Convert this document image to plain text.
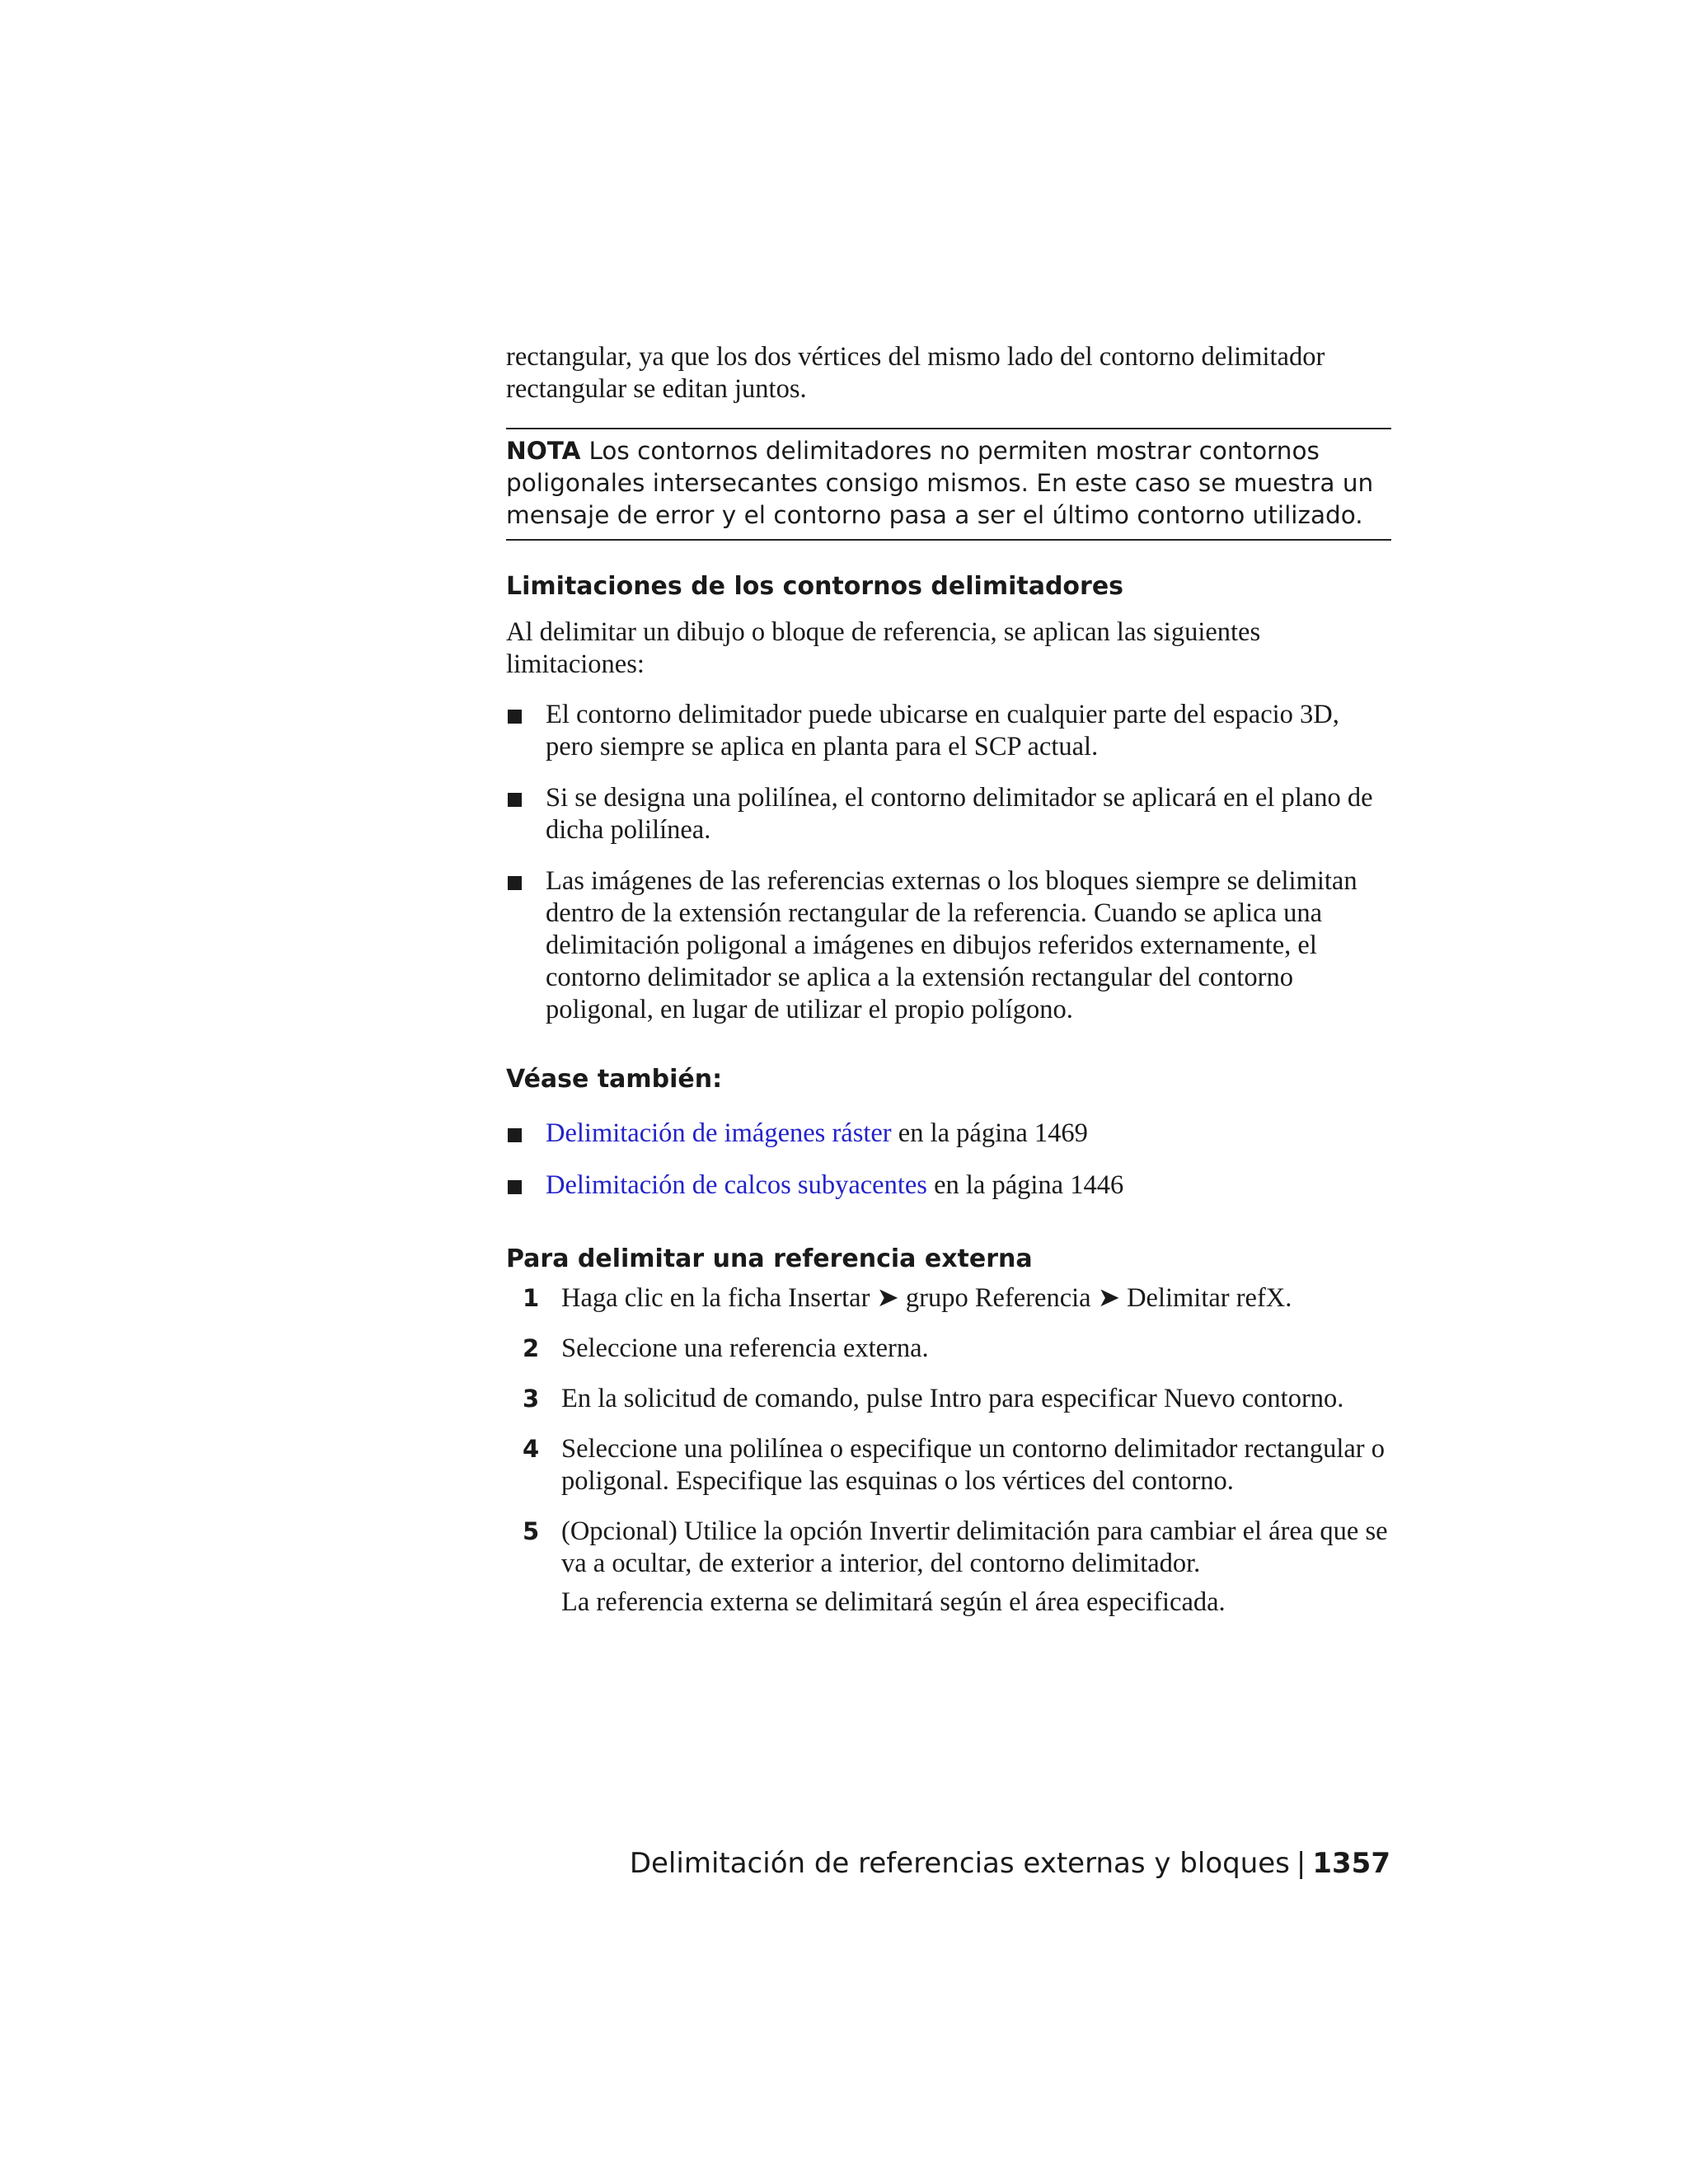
rectangular, ya que los dos vértices del mismo lado del contorno delimitador rectangular se editan juntos.

NOTA Los contornos delimitadores no permiten mostrar contornos poligonales intersecantes consigo mismos. En este caso se muestra un mensaje de error y el contorno pasa a ser el último contorno utilizado.
Limitaciones de los contornos delimitadores

Al delimitar un dibujo o bloque de referencia, se aplican las siguientes limitaciones:

El contorno delimitador puede ubicarse en cualquier parte del espacio 3D, pero siempre se aplica en planta para el SCP actual.
Si se designa una polilínea, el contorno delimitador se aplicará en el plano de dicha polilínea.
Las imágenes de las referencias externas o los bloques siempre se delimitan dentro de la extensión rectangular de la referencia. Cuando se aplica una delimitación poligonal a imágenes en dibujos referidos externamente, el contorno delimitador se aplica a la extensión rectangular del contorno poligonal, en lugar de utilizar el propio polígono.
Véase también:
Delimitación de imágenes ráster en la página 1469
Delimitación de calcos subyacentes en la página 1446
Para delimitar una referencia externa
1 Haga clic en la ficha Insertar ➤ grupo Referencia ➤ Delimitar refX.
2 Seleccione una referencia externa.
3 En la solicitud de comando, pulse Intro para especificar Nuevo contorno.
4 Seleccione una polilínea o especifique un contorno delimitador rectangular o poligonal. Especifique las esquinas o los vértices del contorno.
5 (Opcional) Utilice la opción Invertir delimitación para cambiar el área que se va a ocultar, de exterior a interior, del contorno delimitador.

La referencia externa se delimitará según el área especificada.

Delimitación de referencias externas y bloques | 1357
